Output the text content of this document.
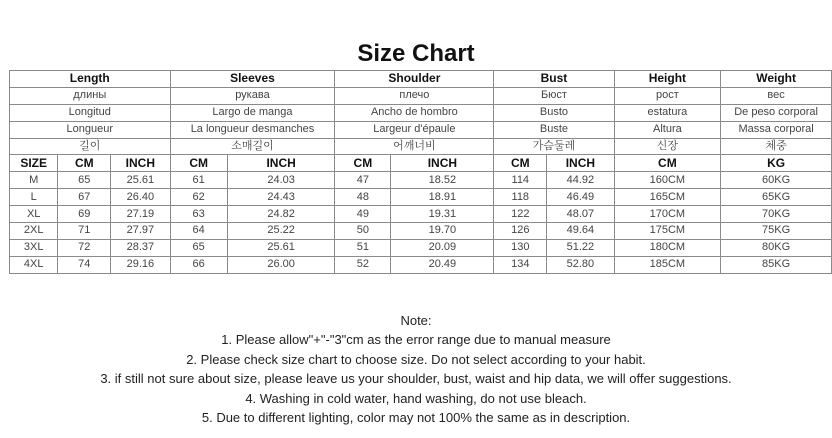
Size Chart
Length			Sleeves		Shoulder		Bust		Height	Weight
длины			рукава		плечо		Бюст		рост	вес
Longitud			Largo de manga		Ancho de hombro		Busto		estatura	De peso corporal
Longueur			La longueur desmanches		Largeur d'épaule		Buste		Altura	Massa corporal
길이			소매길이		어깨너비		가슴둘레		신장	체중
SIZE	CM	INCH	CM	INCH	CM	INCH	CM	INCH	CM	KG
M	65	25.61	61	24.03	47	18.52	114	44.92	160CM	60KG
L	67	26.40	62	24.43	48	18.91	118	46.49	165CM	65KG
XL	69	27.19	63	24.82	49	19.31	122	48.07	170CM	70KG
2XL	71	27.97	64	25.22	50	19.70	126	49.64	175CM	75KG
3XL	72	28.37	65	25.61	51	20.09	130	51.22	180CM	80KG
4XL	74	29.16	66	26.00	52	20.49	134	52.80	185CM	85KG
Note:
1. Please allow"+"-"3"cm as the error range due to manual measure
2. Please check size chart to choose size. Do not select according to your habit.
3. if still not sure about size, please leave us your shoulder, bust, waist and hip data, we will offer suggestions.
4. Washing in cold water, hand washing, do not use bleach.
5. Due to different lighting, color may not 100% the same as in description.
